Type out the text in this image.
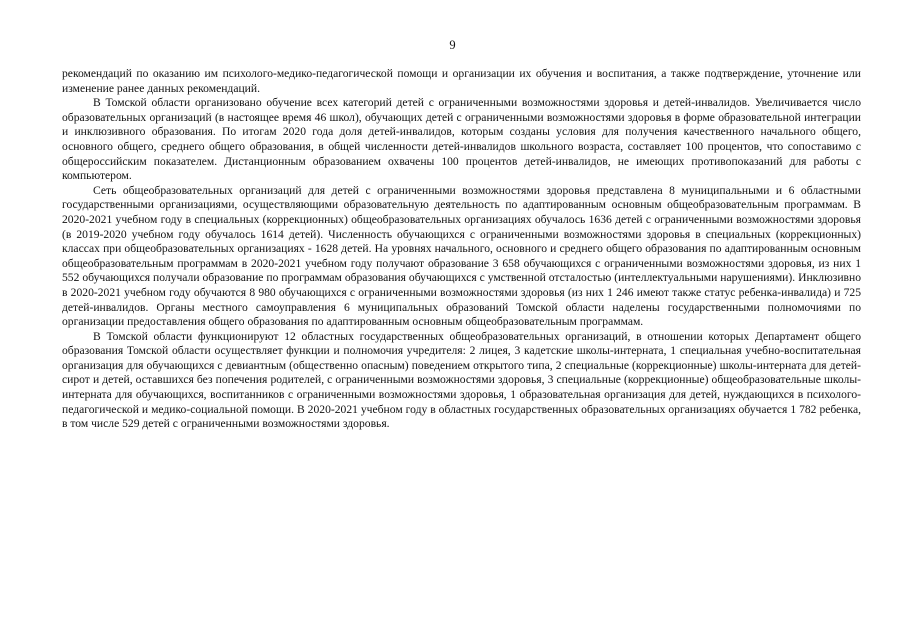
9

рекомендаций по оказанию им психолого-медико-педагогической помощи и организации их обучения и воспитания, а также подтверждение, уточнение или изменение ранее данных рекомендаций.

В Томской области организовано обучение всех категорий детей с ограниченными возможностями здоровья и детей-инвалидов. Увеличивается число образовательных организаций (в настоящее время 46 школ), обучающих детей с ограниченными возможностями здоровья в форме образовательной интеграции и инклюзивного образования. По итогам 2020 года доля детей-инвалидов, которым созданы условия для получения качественного начального общего, основного общего, среднего общего образования, в общей численности детей-инвалидов школьного возраста, составляет 100 процентов, что сопоставимо с общероссийским показателем. Дистанционным образованием охвачены 100 процентов детей-инвалидов, не имеющих противопоказаний для работы с компьютером.

Сеть общеобразовательных организаций для детей с ограниченными возможностями здоровья представлена 8 муниципальными и 6 областными государственными организациями, осуществляющими образовательную деятельность по адаптированным основным общеобразовательным программам. В 2020-2021 учебном году в специальных (коррекционных) общеобразовательных организациях обучалось 1636 детей с ограниченными возможностями здоровья (в 2019-2020 учебном году обучалось 1614 детей). Численность обучающихся с ограниченными возможностями здоровья в специальных (коррекционных) классах при общеобразовательных организациях - 1628 детей. На уровнях начального, основного и среднего общего образования по адаптированным основным общеобразовательным программам в 2020-2021 учебном году получают образование 3 658 обучающихся с ограниченными возможностями здоровья, из них 1 552 обучающихся получали образование по программам образования обучающихся с умственной отсталостью (интеллектуальными нарушениями). Инклюзивно в 2020-2021 учебном году обучаются 8 980 обучающихся с ограниченными возможностями здоровья (из них 1 246 имеют также статус ребенка-инвалида) и 725 детей-инвалидов. Органы местного самоуправления 6 муниципальных образований Томской области наделены государственными полномочиями по организации предоставления общего образования по адаптированным основным общеобразовательным программам.

В Томской области функционируют 12 областных государственных общеобразовательных организаций, в отношении которых Департамент общего образования Томской области осуществляет функции и полномочия учредителя: 2 лицея, 3 кадетские школы-интерната, 1 специальная учебно-воспитательная организация для обучающихся с девиантным (общественно опасным) поведением открытого типа, 2 специальные (коррекционные) школы-интерната для детей-сирот и детей, оставшихся без попечения родителей, с ограниченными возможностями здоровья, 3 специальные (коррекционные) общеобразовательные школы-интерната для обучающихся, воспитанников с ограниченными возможностями здоровья, 1 образовательная организация для детей, нуждающихся в психолого-педагогической и медико-социальной помощи. В 2020-2021 учебном году в областных государственных образовательных организациях обучается 1 782 ребенка, в том числе 529 детей с ограниченными возможностями здоровья.
